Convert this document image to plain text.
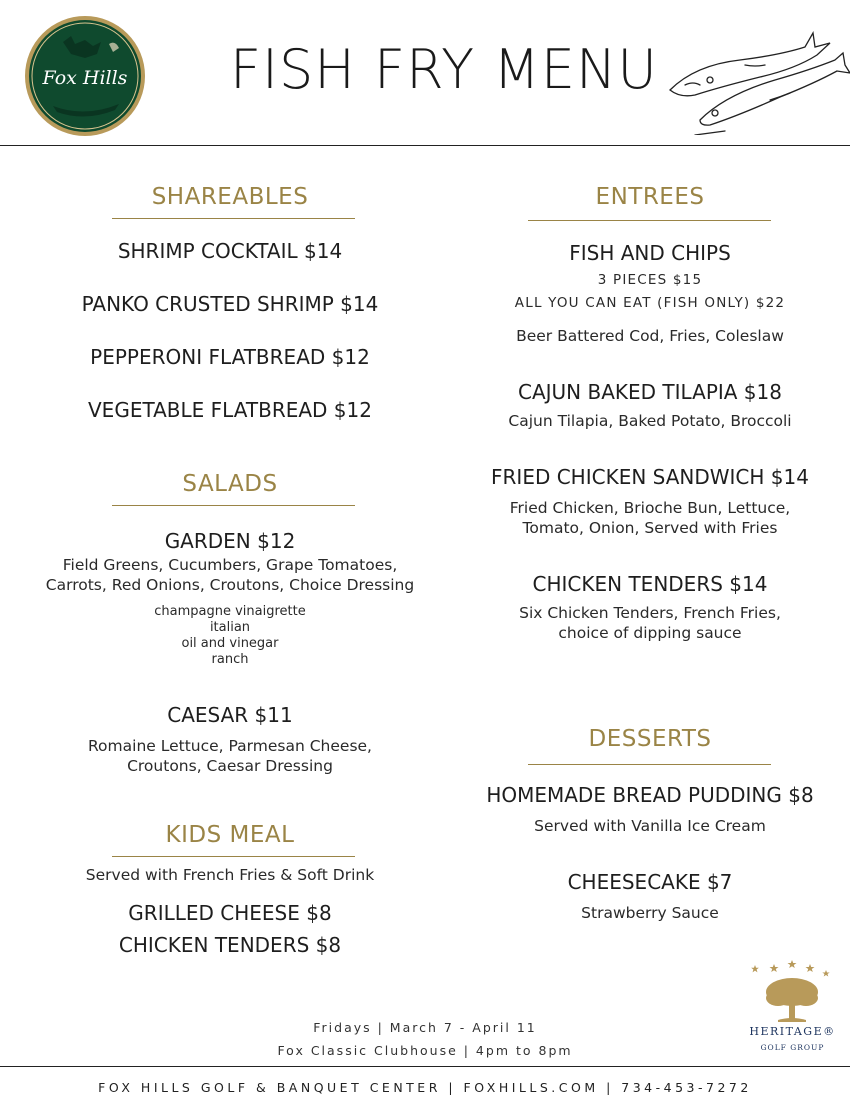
Fox Hills FISH FRY MENU
SHAREABLES
SHRIMP COCKTAIL $14
PANKO CRUSTED SHRIMP $14
PEPPERONI FLATBREAD $12
VEGETABLE FLATBREAD $12
SALADS
GARDEN $12
Field Greens, Cucumbers, Grape Tomatoes,
Carrots, Red Onions, Croutons, Choice Dressing
champagne vinaigrette
italian
oil and vinegar
ranch
CAESAR $11
Romaine Lettuce, Parmesan Cheese,
Croutons, Caesar Dressing
KIDS MEAL
Served with French Fries & Soft Drink
GRILLED CHEESE $8
CHICKEN TENDERS $8
ENTREES
FISH AND CHIPS
3 PIECES $15
ALL YOU CAN EAT (FISH ONLY) $22
Beer Battered Cod, Fries, Coleslaw
CAJUN BAKED TILAPIA $18
Cajun Tilapia, Baked Potato, Broccoli
FRIED CHICKEN SANDWICH $14
Fried Chicken, Brioche Bun, Lettuce,
Tomato, Onion, Served with Fries
CHICKEN TENDERS $14
Six Chicken Tenders, French Fries,
choice of dipping sauce
DESSERTS
HOMEMADE BREAD PUDDING $8
Served with Vanilla Ice Cream
CHEESECAKE $7
Strawberry Sauce
HERITAGE®
GOLF GROUP
Fridays | March 7 - April 11
Fox Classic Clubhouse | 4pm to 8pm
FOX HILLS GOLF & BANQUET CENTER | FOXHILLS.COM | 734-453-7272
